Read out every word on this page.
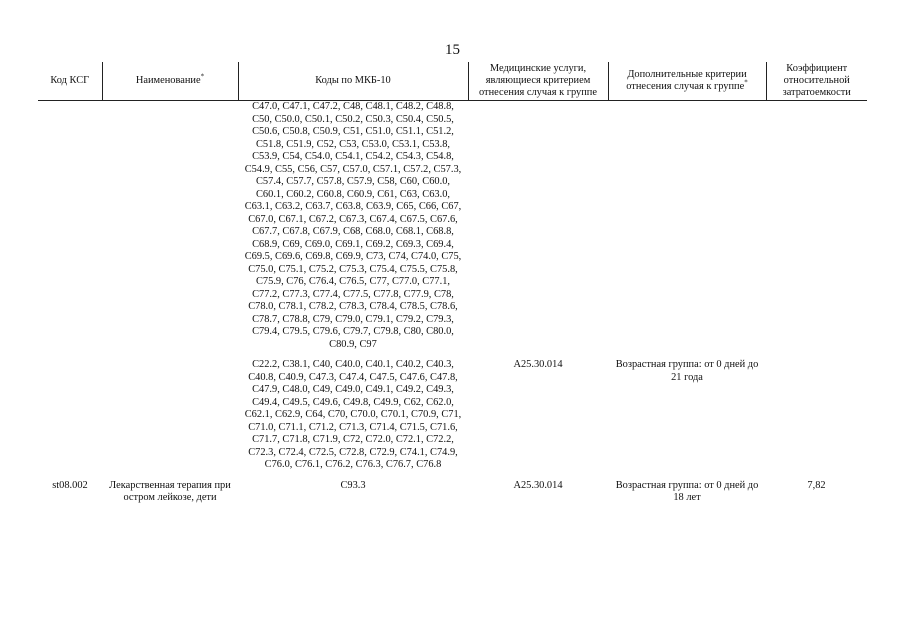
15
Код КСГ	Наименование*	Коды по МКБ-10	Медицинские услуги, являющиеся критерием отнесения случая к группе	Дополнительные критерии отнесения случая к группе*	Коэффициент относительной затратоемкости
		C47.0, C47.1, C47.2, C48, C48.1, C48.2, C48.8, C50, C50.0, C50.1, C50.2, C50.3, C50.4, C50.5, C50.6, C50.8, C50.9, C51, C51.0, C51.1, C51.2, C51.8, C51.9, C52, C53, C53.0, C53.1, C53.8, C53.9, C54, C54.0, C54.1, C54.2, C54.3, C54.8, C54.9, C55, C56, C57, C57.0, C57.1, C57.2, C57.3, C57.4, C57.7, C57.8, C57.9, C58, C60, C60.0, C60.1, C60.2, C60.8, C60.9, C61, C63, C63.0, C63.1, C63.2, C63.7, C63.8, C63.9, C65, C66, C67, C67.0, C67.1, C67.2, C67.3, C67.4, C67.5, C67.6, C67.7, C67.8, C67.9, C68, C68.0, C68.1, C68.8, C68.9, C69, C69.0, C69.1, C69.2, C69.3, C69.4, C69.5, C69.6, C69.8, C69.9, C73, C74, C74.0, C75, C75.0, C75.1, C75.2, C75.3, C75.4, C75.5, C75.8, C75.9, C76, C76.4, C76.5, C77, C77.0, C77.1, C77.2, C77.3, C77.4, C77.5, C77.8, C77.9, C78, C78.0, C78.1, C78.2, C78.3, C78.4, C78.5, C78.6, C78.7, C78.8, C79, C79.0, C79.1, C79.2, C79.3, C79.4, C79.5, C79.6, C79.7, C79.8, C80, C80.0, C80.9, C97			

		C22.2, C38.1, C40, C40.0, C40.1, C40.2, C40.3, C40.8, C40.9, C47.3, C47.4, C47.5, C47.6, C47.8, C47.9, C48.0, C49, C49.0, C49.1, C49.2, C49.3, C49.4, C49.5, C49.6, C49.8, C49.9, C62, C62.0, C62.1, C62.9, C64, C70, C70.0, C70.1, C70.9, C71, C71.0, C71.1, C71.2, C71.3, C71.4, C71.5, C71.6, C71.7, C71.8, C71.9, C72, C72.0, C72.1, C72.2, C72.3, C72.4, C72.5, C72.8, C72.9, C74.1, C74.9, C76.0, C76.1, C76.2, C76.3, C76.7, C76.8	A25.30.014	Возрастная группа: от 0 дней до 21 года	

st08.002	Лекарственная терапия при остром лейкозе, дети	C93.3	A25.30.014	Возрастная группа: от 0 дней до 18 лет	7,82
